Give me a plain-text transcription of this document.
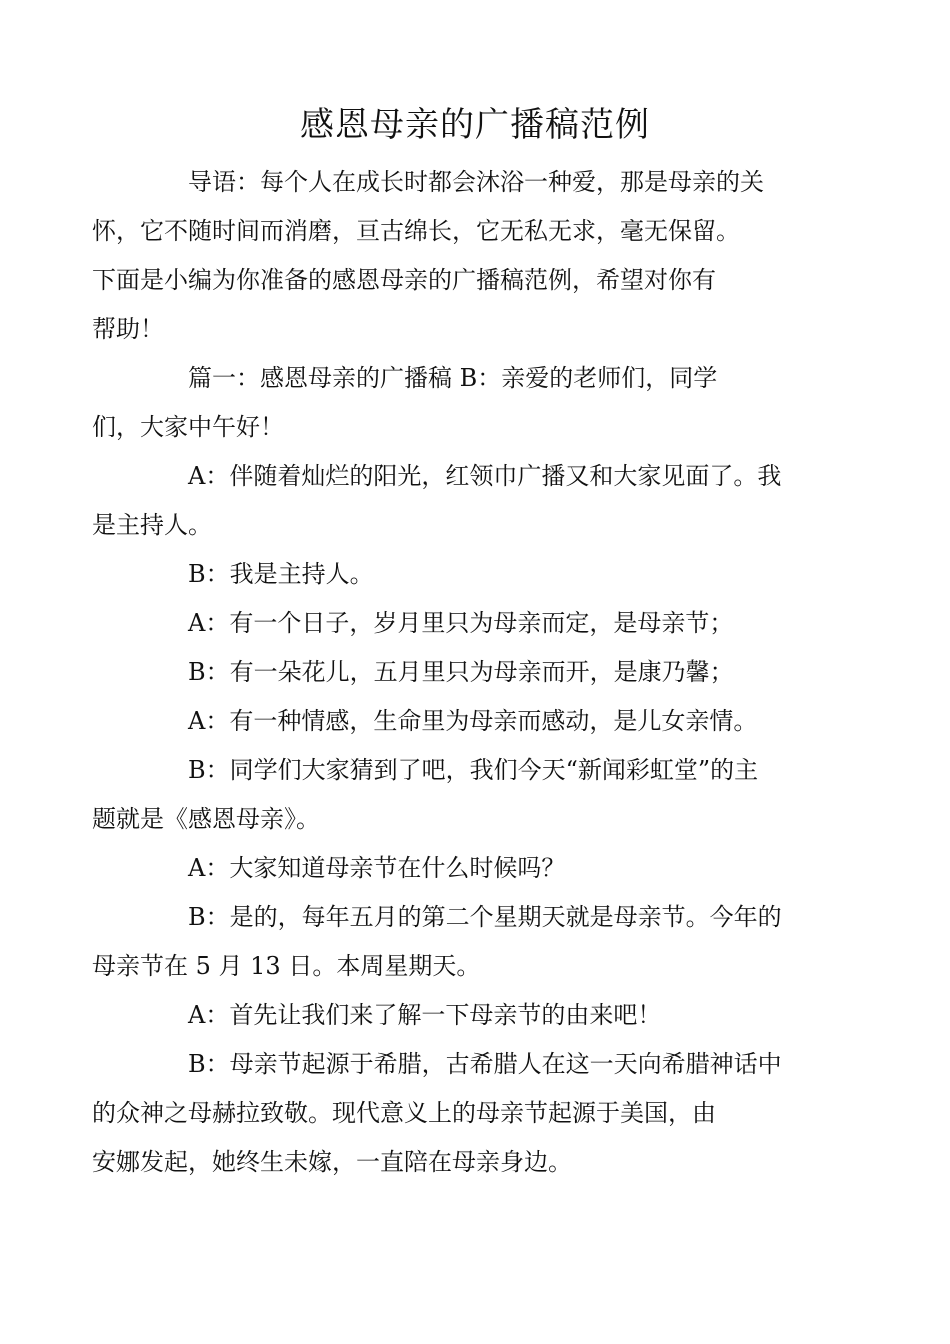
感恩母亲的广播稿范例

导语：每个人在成长时都会沐浴一种爱，那是母亲的关
怀，它不随时间而消磨，亘古绵长，它无私无求，毫无保留。
下面是小编为你准备的感恩母亲的广播稿范例，希望对你有
帮助！

篇一：感恩母亲的广播稿 B：亲爱的老师们，同学
们，大家中午好！

A：伴随着灿烂的阳光，红领巾广播又和大家见面了。我
是主持人。

B：我是主持人。

A：有一个日子，岁月里只为母亲而定，是母亲节；

B：有一朵花儿，五月里只为母亲而开，是康乃馨；

A：有一种情感，生命里为母亲而感动，是儿女亲情。

B：同学们大家猜到了吧，我们今天“新闻彩虹堂”的主
题就是《感恩母亲》。

A：大家知道母亲节在什么时候吗？

B：是的，每年五月的第二个星期天就是母亲节。今年的
母亲节在 5 月 13 日。本周星期天。

A：首先让我们来了解一下母亲节的由来吧！

B：母亲节起源于希腊，古希腊人在这一天向希腊神话中
的众神之母赫拉致敬。现代意义上的母亲节起源于美国，由
安娜发起，她终生未嫁，一直陪在母亲身边。
